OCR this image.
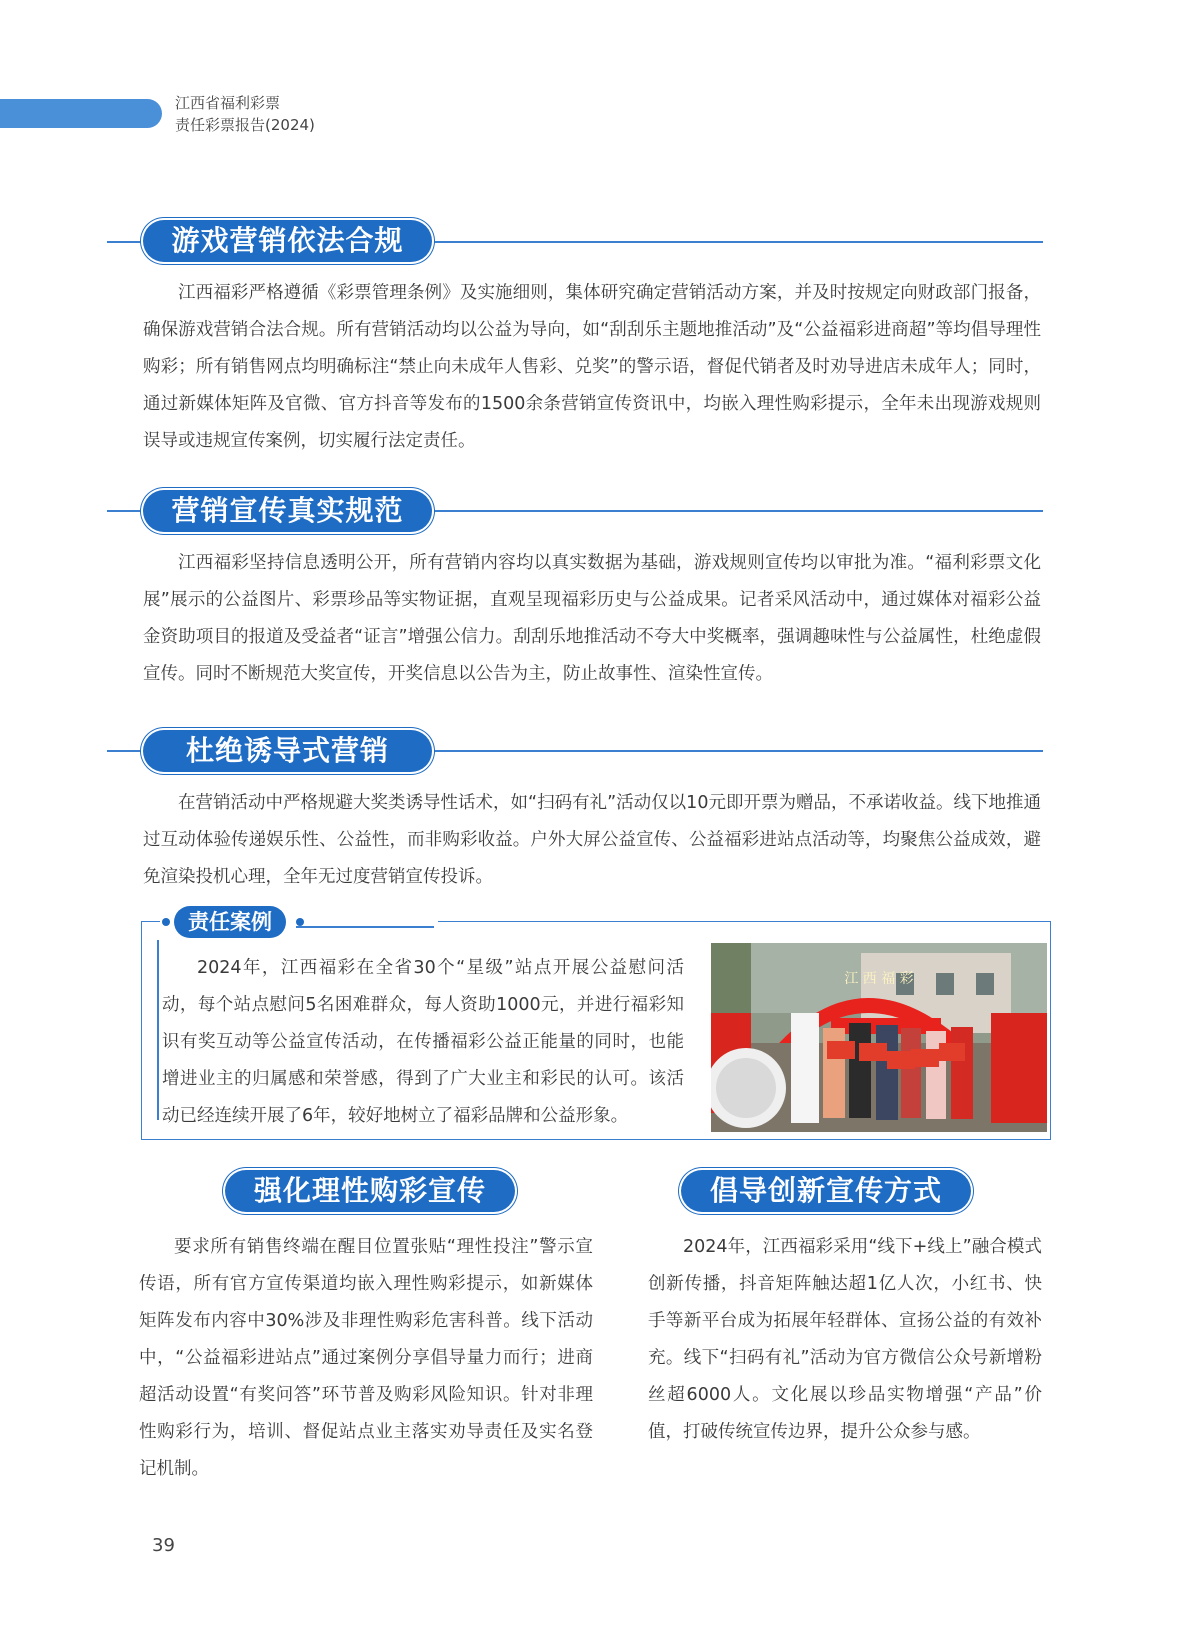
江西省福利彩票
责任彩票报告(2024)
游戏营销依法合规

江西福彩严格遵循《彩票管理条例》及实施细则，集体研究确定营销活动方案，并及时按规定向财政部门报备，确保游戏营销合法合规。所有营销活动均以公益为导向，如“刮刮乐主题地推活动”及“公益福彩进商超”等均倡导理性购彩；所有销售网点均明确标注“禁止向未成年人售彩、兑奖”的警示语，督促代销者及时劝导进店未成年人；同时，通过新媒体矩阵及官微、官方抖音等发布的1500余条营销宣传资讯中，均嵌入理性购彩提示，全年未出现游戏规则误导或违规宣传案例，切实履行法定责任。

营销宣传真实规范

江西福彩坚持信息透明公开，所有营销内容均以真实数据为基础，游戏规则宣传均以审批为准。“福利彩票文化展”展示的公益图片、彩票珍品等实物证据，直观呈现福彩历史与公益成果。记者采风活动中，通过媒体对福彩公益金资助项目的报道及受益者“证言”增强公信力。刮刮乐地推活动不夸大中奖概率，强调趣味性与公益属性，杜绝虚假宣传。同时不断规范大奖宣传，开奖信息以公告为主，防止故事性、渲染性宣传。

杜绝诱导式营销

在营销活动中严格规避大奖类诱导性话术，如“扫码有礼”活动仅以10元即开票为赠品，不承诺收益。线下地推通过互动体验传递娱乐性、公益性，而非购彩收益。户外大屏公益宣传、公益福彩进站点活动等，均聚焦公益成效，避免渲染投机心理，全年无过度营销宣传投诉。

责任案例

2024年，江西福彩在全省30个“星级”站点开展公益慰问活动，每个站点慰问5名困难群众，每人资助1000元，并进行福彩知识有奖互动等公益宣传活动，在传播福彩公益正能量的同时，也能增进业主的归属感和荣誉感，得到了广大业主和彩民的认可。该活动已经连续开展了6年，较好地树立了福彩品牌和公益形象。

江 西 福 彩
强化理性购彩宣传

要求所有销售终端在醒目位置张贴“理性投注”警示宣传语，所有官方宣传渠道均嵌入理性购彩提示，如新媒体矩阵发布内容中30%涉及非理性购彩危害科普。线下活动中，“公益福彩进站点”通过案例分享倡导量力而行；进商超活动设置“有奖问答”环节普及购彩风险知识。针对非理性购彩行为，培训、督促站点业主落实劝导责任及实名登记机制。

倡导创新宣传方式

2024年，江西福彩采用“线下+线上”融合模式创新传播，抖音矩阵触达超1亿人次，小红书、快手等新平台成为拓展年轻群体、宣扬公益的有效补充。线下“扫码有礼”活动为官方微信公众号新增粉丝超6000人。文化展以珍品实物增强“产品”价值，打破传统宣传边界，提升公众参与感。

39
